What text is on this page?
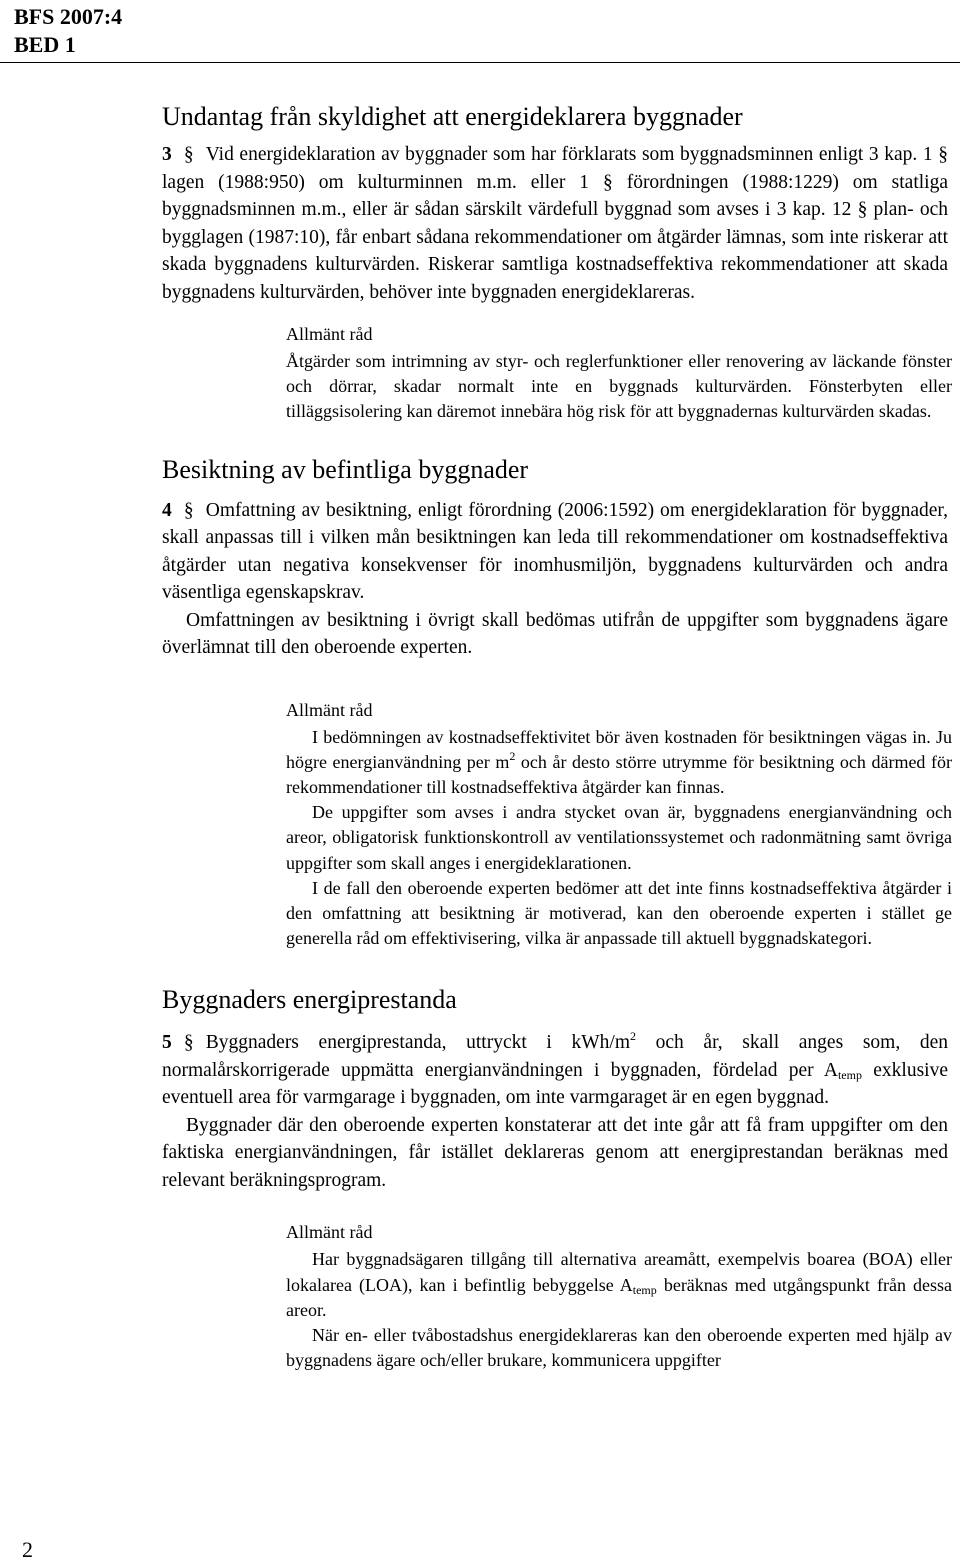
BFS 2007:4
BED 1
Undantag från skyldighet att energideklarera byggnader

3 § Vid energideklaration av byggnader som har förklarats som byggnadsminnen enligt 3 kap. 1 § lagen (1988:950) om kulturminnen m.m. eller 1 § förordningen (1988:1229) om statliga byggnadsminnen m.m., eller är sådan särskilt värdefull byggnad som avses i 3 kap. 12 § plan- och bygglagen (1987:10), får enbart sådana rekommendationer om åtgärder lämnas, som inte riskerar att skada byggnadens kulturvärden. Riskerar samtliga kostnadseffektiva rekommendationer att skada byggnadens kulturvärden, behöver inte byggnaden energideklareras.

Allmänt råd

Åtgärder som intrimning av styr- och reglerfunktioner eller renovering av läckande fönster och dörrar, skadar normalt inte en byggnads kulturvärden. Fönsterbyten eller tilläggsisolering kan däremot innebära hög risk för att byggnadernas kulturvärden skadas.

Besiktning av befintliga byggnader

4 § Omfattning av besiktning, enligt förordning (2006:1592) om energideklaration för byggnader, skall anpassas till i vilken mån besiktningen kan leda till rekommendationer om kostnadseffektiva åtgärder utan negativa konsekvenser för inomhusmiljön, byggnadens kulturvärden och andra väsentliga egenskapskrav.

Omfattningen av besiktning i övrigt skall bedömas utifrån de uppgifter som byggnadens ägare överlämnat till den oberoende experten.

Allmänt råd

I bedömningen av kostnadseffektivitet bör även kostnaden för besiktningen vägas in. Ju högre energianvändning per $m^2$ och år desto större utrymme för besiktning och därmed för rekommendationer till kostnadseffektiva åtgärder kan finnas.

De uppgifter som avses i andra stycket ovan är, byggnadens energianvändning och areor, obligatorisk funktionskontroll av ventilationssystemet och radonmätning samt övriga uppgifter som skall anges i energideklarationen.

I de fall den oberoende experten bedömer att det inte finns kostnadseffektiva åtgärder i den omfattning att besiktning är motiverad, kan den oberoende experten i stället ge generella råd om effektivisering, vilka är anpassade till aktuell byggnadskategori.

Byggnaders energiprestanda

5 § Byggnaders energiprestanda, uttryckt i kWh/$m^2$ och år, skall anges som, den normalårskorrigerade uppmätta energianvändningen i byggnaden, fördelad per $A_{temp}$ exklusive eventuell area för varmgarage i byggnaden, om inte varmgaraget är en egen byggnad.

Byggnader där den oberoende experten konstaterar att det inte går att få fram uppgifter om den faktiska energianvändningen, får istället deklareras genom att energiprestandan beräknas med relevant beräkningsprogram.

Allmänt råd

Har byggnadsägaren tillgång till alternativa areamått, exempelvis boarea (BOA) eller lokalarea (LOA), kan i befintlig bebyggelse $A_{temp}$ beräknas med utgångspunkt från dessa areor.

När en- eller tvåbostadshus energideklareras kan den oberoende experten med hjälp av byggnadens ägare och/eller brukare, kommunicera uppgifter

2
